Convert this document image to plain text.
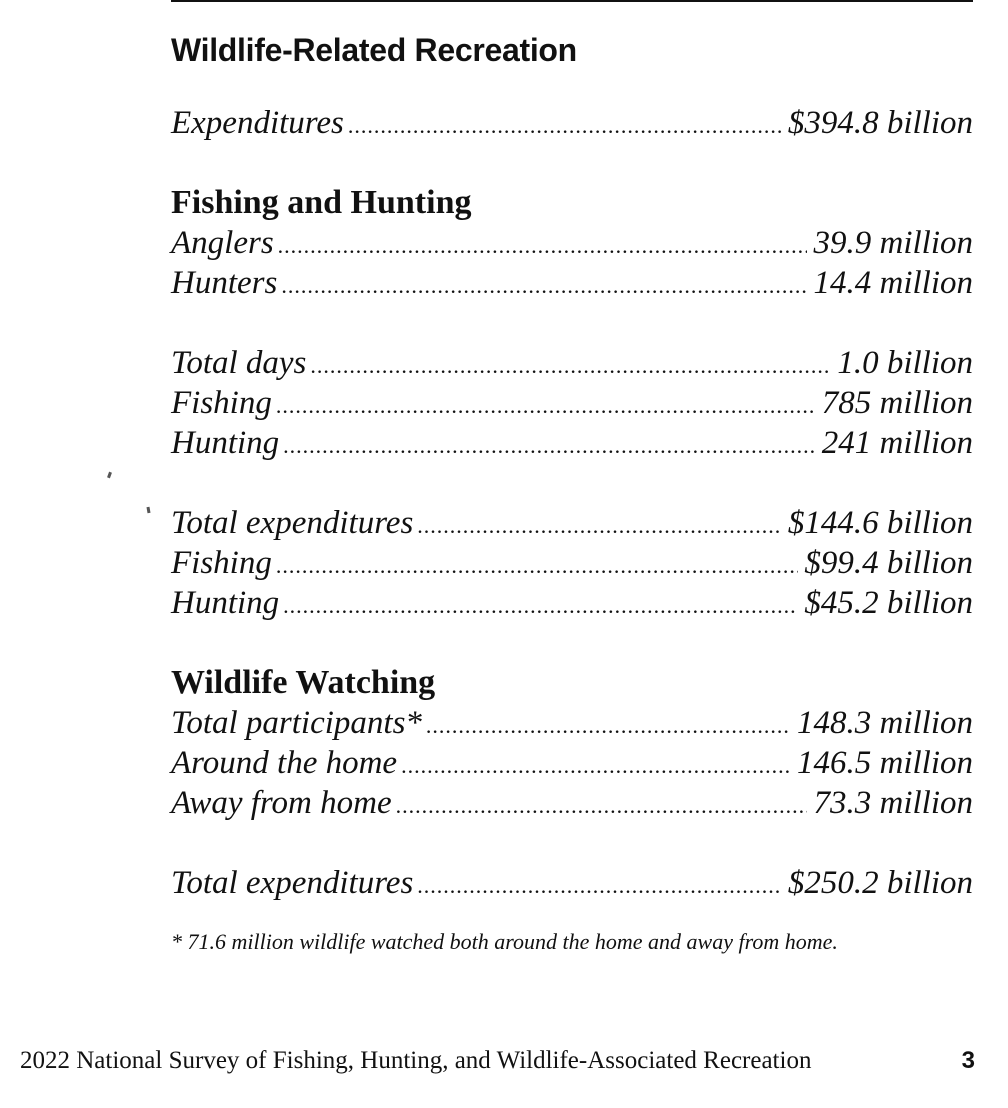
Wildlife-Related Recreation
Expenditures .....	$394.8 billion
Fishing and Hunting
Anglers .....	39.9 million
Hunters .....	14.4 million
Total days .....	1.0 billion
Fishing .....	785 million
Hunting .....	241 million
Total expenditures .....	$144.6 billion
Fishing .....	$99.4 billion
Hunting .....	$45.2 billion
Wildlife Watching
Total participants* .....	148.3 million
Around the home .....	146.5 million
Away from home .....	73.3 million
Total expenditures .....	$250.2 billion
* 71.6 million wildlife watched both around the home and away from home.
2022 National Survey of Fishing, Hunting, and Wildlife-Associated Recreation	3
